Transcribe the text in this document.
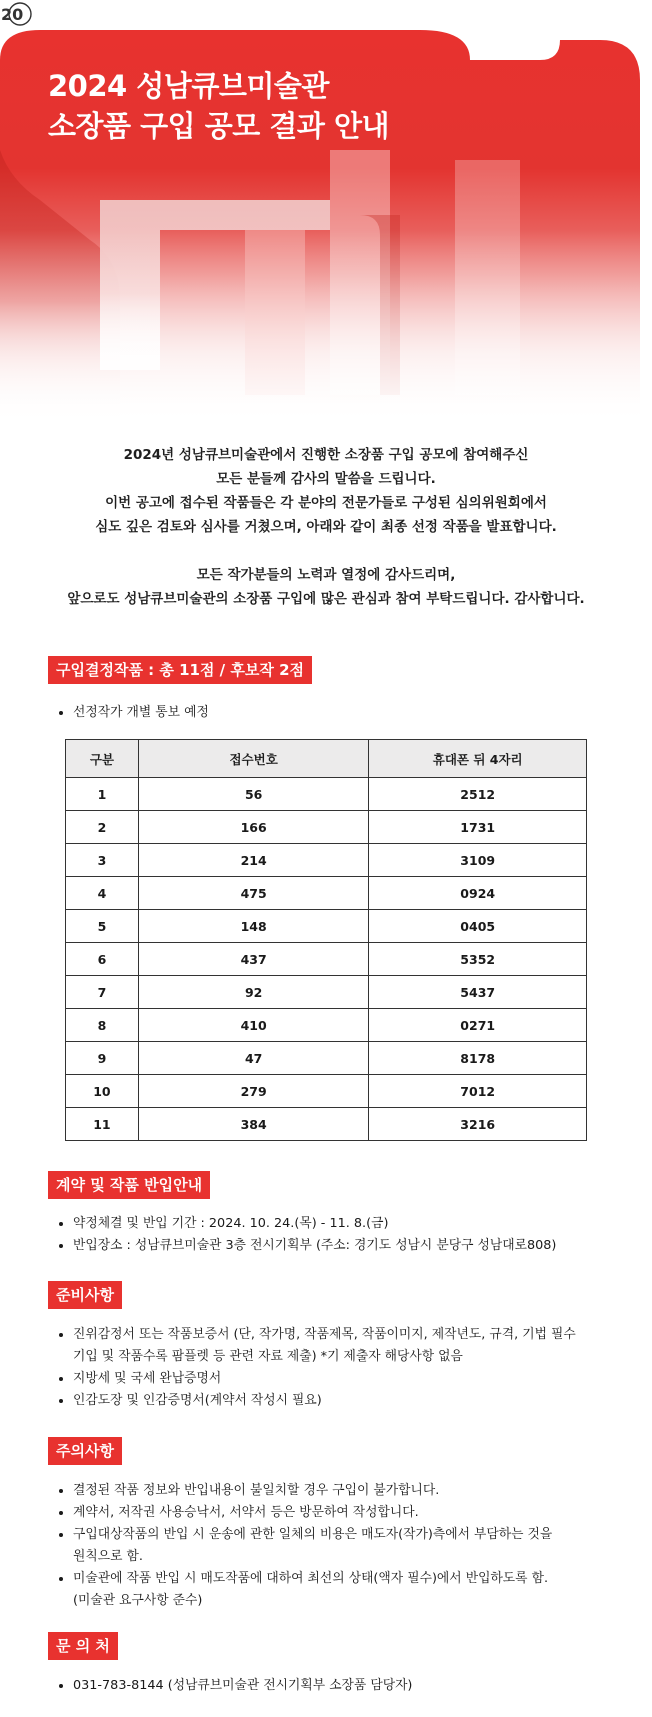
2024 성남큐브미술관
소장품 구입 공모 결과 안내
20

2024년 성남큐브미술관에서 진행한 소장품 구입 공모에 참여해주신

모든 분들께 감사의 말씀을 드립니다.

이번 공고에 접수된 작품들은 각 분야의 전문가들로 구성된 심의위원회에서

심도 깊은 검토와 심사를 거쳤으며, 아래와 같이 최종 선정 작품을 발표합니다.

모든 작가분들의 노력과 열정에 감사드리며,

앞으로도 성남큐브미술관의 소장품 구입에 많은 관심과 참여 부탁드립니다. 감사합니다.

구입결정작품 : 총 11점 / 후보작 2점
• 선정작가 개별 통보 예정
구분	접수번호	휴대폰 뒤 4자리
1	56	2512
2	166	1731
3	214	3109
4	475	0924
5	148	0405
6	437	5352
7	92	5437
8	410	0271
9	47	8178
10	279	7012
11	384	3216
계약 및 작품 반입안내
• 약정체결 및 반입 기간 : 2024. 10. 24.(목) - 11. 8.(금)
• 반입장소 : 성남큐브미술관 3층 전시기획부 (주소: 경기도 성남시 분당구 성남대로808)
준비사항
• 진위감정서 또는 작품보증서 (단, 작가명, 작품제목, 작품이미지, 제작년도, 규격, 기법 필수
기입 및 작품수록 팜플렛 등 관련 자료 제출) *기 제출자 해당사항 없음
• 지방세 및 국세 완납증명서
• 인감도장 및 인감증명서(계약서 작성시 필요)
주의사항
• 결정된 작품 정보와 반입내용이 불일치할 경우 구입이 불가합니다.
• 계약서, 저작권 사용승낙서, 서약서 등은 방문하여 작성합니다.
• 구입대상작품의 반입 시 운송에 관한 일체의 비용은 매도자(작가)측에서 부담하는 것을
원칙으로 함.
• 미술관에 작품 반입 시 매도작품에 대하여 최선의 상태(액자 필수)에서 반입하도록 함.
(미술관 요구사항 준수)
문 의 처
• 031-783-8144 (성남큐브미술관 전시기획부 소장품 담당자)
